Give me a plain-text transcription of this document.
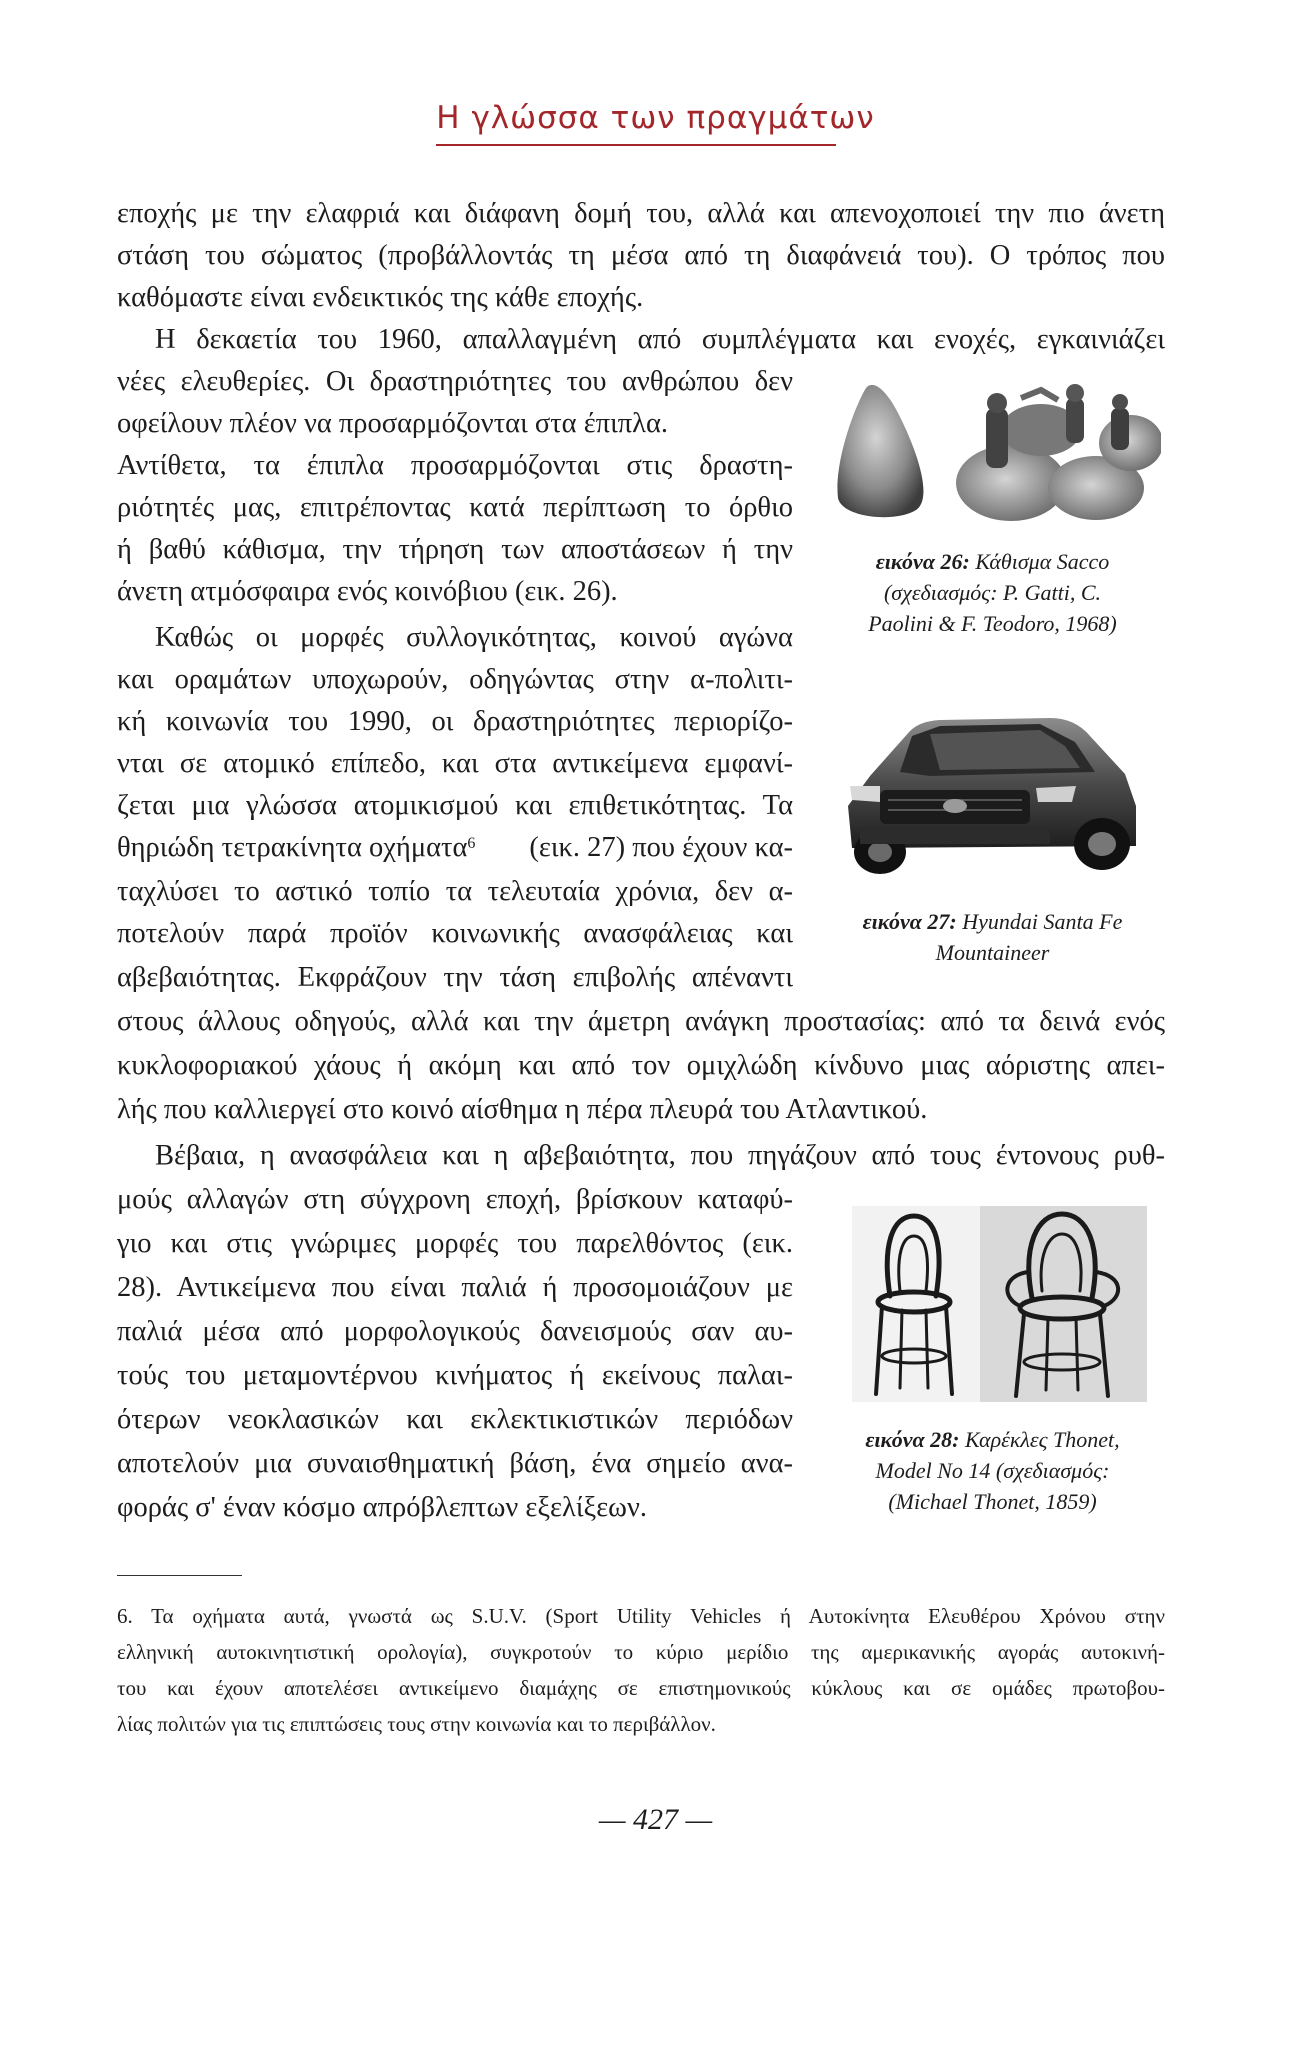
Η γλώσσα των πραγμάτων
εποχής με την ελαφριά και διάφανη δομή του, αλλά και απενοχοποιεί την πιο άνετη
στάση του σώματος (προβάλλοντάς τη μέσα από τη διαφάνειά του). Ο τρόπος που
καθόμαστε είναι ενδεικτικός της κάθε εποχής.
Η δεκαετία του 1960, απαλλαγμένη από συμπλέγματα και ενοχές, εγκαινιάζει
νέες ελευθερίες. Οι δραστηριότητες του ανθρώπου δεν
οφείλουν πλέον να προσαρμόζονται στα έπιπλα.
Αντίθετα, τα έπιπλα προσαρμόζονται στις δραστη-
ριότητές μας, επιτρέποντας κατά περίπτωση το όρθιο
ή βαθύ κάθισμα, την τήρηση των αποστάσεων ή την
άνετη ατμόσφαιρα ενός κοινόβιου (εικ. 26).
Καθώς οι μορφές συλλογικότητας, κοινού αγώνα
και οραμάτων υποχωρούν, οδηγώντας στην α-πολιτι-
κή κοινωνία του 1990, οι δραστηριότητες περιορίζο-
νται σε ατομικό επίπεδο, και στα αντικείμενα εμφανί-
ζεται μια γλώσσα ατομικισμού και επιθετικότητας. Τα
θηριώδη τετρακίνητα οχήματα$^6$ (εικ. 27) που έχουν κα-
ταχλύσει το αστικό τοπίο τα τελευταία χρόνια, δεν α-
ποτελούν παρά προϊόν κοινωνικής ανασφάλειας και
αβεβαιότητας. Εκφράζουν την τάση επιβολής απέναντι
στους άλλους οδηγούς, αλλά και την άμετρη ανάγκη προστασίας: από τα δεινά ενός
κυκλοφοριακού χάους ή ακόμη και από τον ομιχλώδη κίνδυνο μιας αόριστης απει-
λής που καλλιεργεί στο κοινό αίσθημα η πέρα πλευρά του Ατλαντικού.
Βέβαια, η ανασφάλεια και η αβεβαιότητα, που πηγάζουν από τους έντονους ρυθ-
μούς αλλαγών στη σύγχρονη εποχή, βρίσκουν καταφύ-
γιο και στις γνώριμες μορφές του παρελθόντος (εικ.
28). Αντικείμενα που είναι παλιά ή προσομοιάζουν με
παλιά μέσα από μορφολογικούς δανεισμούς σαν αυ-
τούς του μεταμοντέρνου κινήματος ή εκείνους παλαι-
ότερων νεοκλασικών και εκλεκτικιστικών περιόδων
αποτελούν μια συναισθηματική βάση, ένα σημείο ανα-
φοράς σ' έναν κόσμο απρόβλεπτων εξελίξεων.
εικόνα 26: Κάθισμα Sacco
(σχεδιασμός: P. Gatti, C.
Paolini & F. Teodoro, 1968)
εικόνα 27: Hyundai Santa Fe
Mountaineer
εικόνα 28: Καρέκλες Thonet,
Model No 14 (σχεδιασμός:
(Michael Thonet, 1859)
6. Τα οχήματα αυτά, γνωστά ως S.U.V. (Sport Utility Vehicles ή Αυτοκίνητα Ελευθέρου Χρόνου στην
ελληνική αυτοκινητιστική ορολογία), συγκροτούν το κύριο μερίδιο της αμερικανικής αγοράς αυτοκινή-
του και έχουν αποτελέσει αντικείμενο διαμάχης σε επιστημονικούς κύκλους και σε ομάδες πρωτοβου-
λίας πολιτών για τις επιπτώσεις τους στην κοινωνία και το περιβάλλον.
— 427 —
